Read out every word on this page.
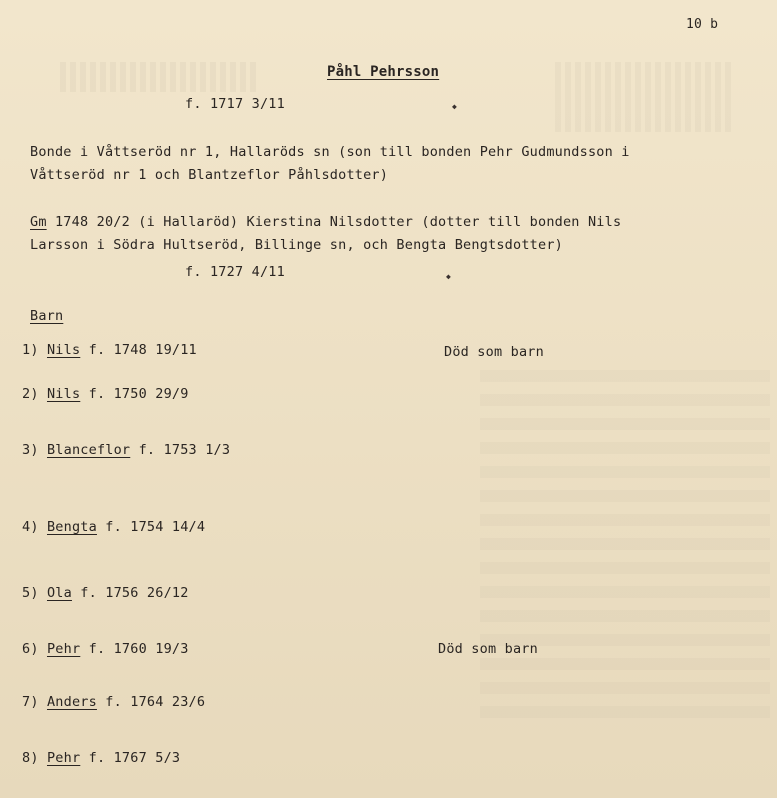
10 b
Påhl Pehrsson
f. 1717 3/11	◆
Bonde i Våttseröd nr 1, Hallaröds sn (son till bonden Pehr Gudmundsson i
Våttseröd nr 1 och Blantzeflor Påhlsdotter)
Gm 1748 20/2 (i Hallaröd) Kierstina Nilsdotter (dotter till bonden Nils
Larsson i Södra Hultseröd, Billinge sn, och Bengta Bengtsdotter)
f. 1727 4/11	◆
Barn
1) Nils f. 1748 19/11	Död som barn
2) Nils f. 1750 29/9
3) Blanceflor f. 1753 1/3
4) Bengta f. 1754 14/4
5) Ola f. 1756 26/12
6) Pehr f. 1760 19/3	Död som barn
7) Anders f. 1764 23/6
8) Pehr f. 1767 5/3
